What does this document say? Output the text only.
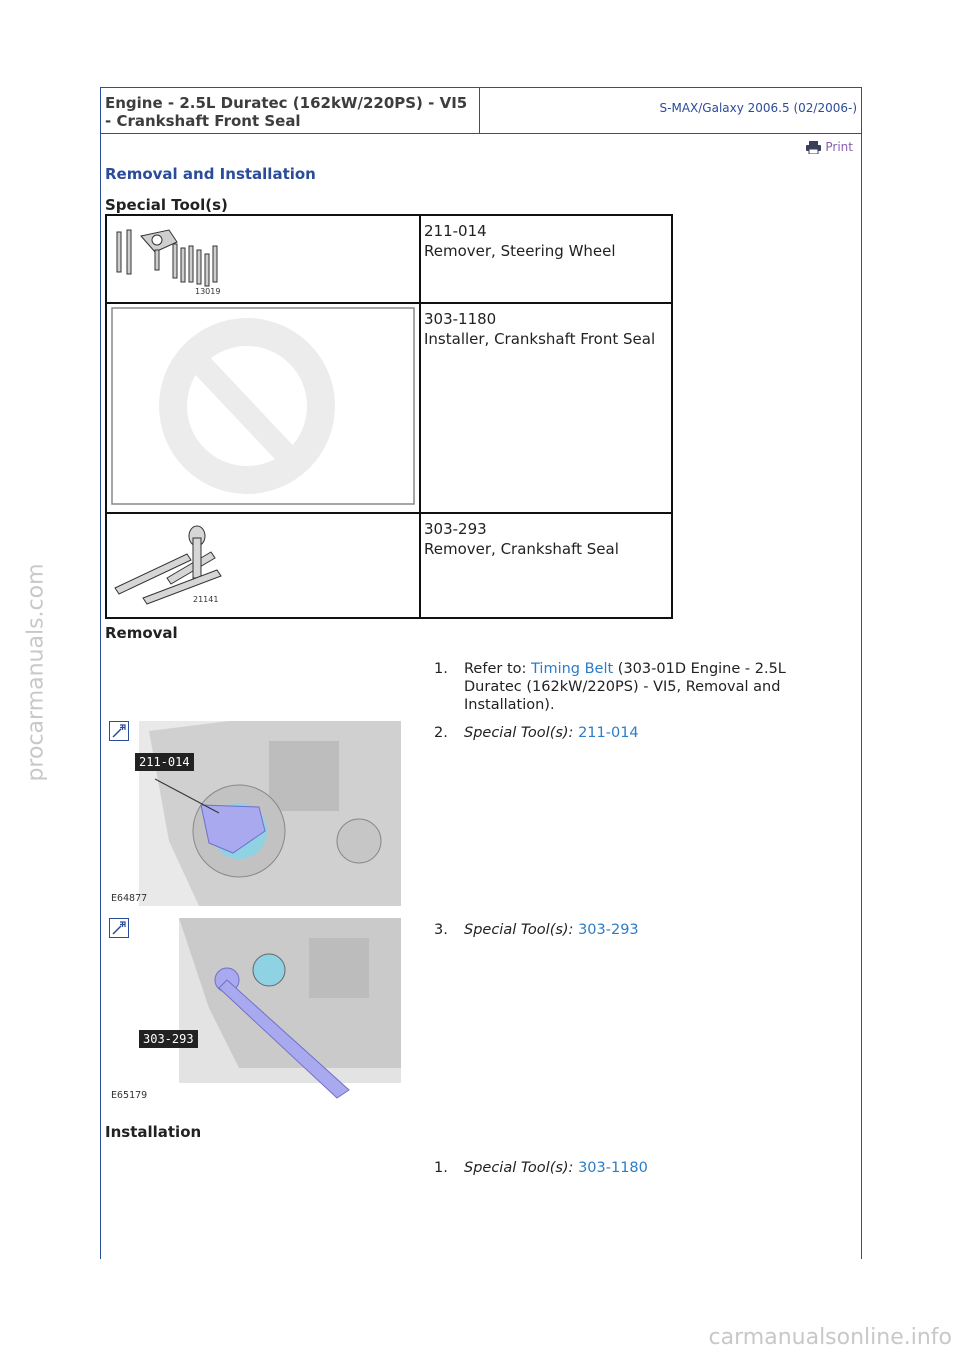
Engine - 2.5L Duratec (162kW/220PS) - VI5 - Crankshaft Front Seal
S-MAX/Galaxy 2006.5 (02/2006-)
Print
Removal and Installation
Special Tool(s)
13019	211-014
Remover, Steering Wheel

303-1180
Installer, Crankshaft Front Seal

21141	303-293
Remover, Crankshaft Seal
Removal
1. Refer to: Timing Belt (303-01D Engine - 2.5L Duratec (162kW/220PS) - VI5, Removal and Installation).
211-014
E64877
2. Special Tool(s): 211-014
303-293
E65179
3. Special Tool(s): 303-293
Installation
1. Special Tool(s): 303-1180
procarmanuals.com
carmanualsonline.info
